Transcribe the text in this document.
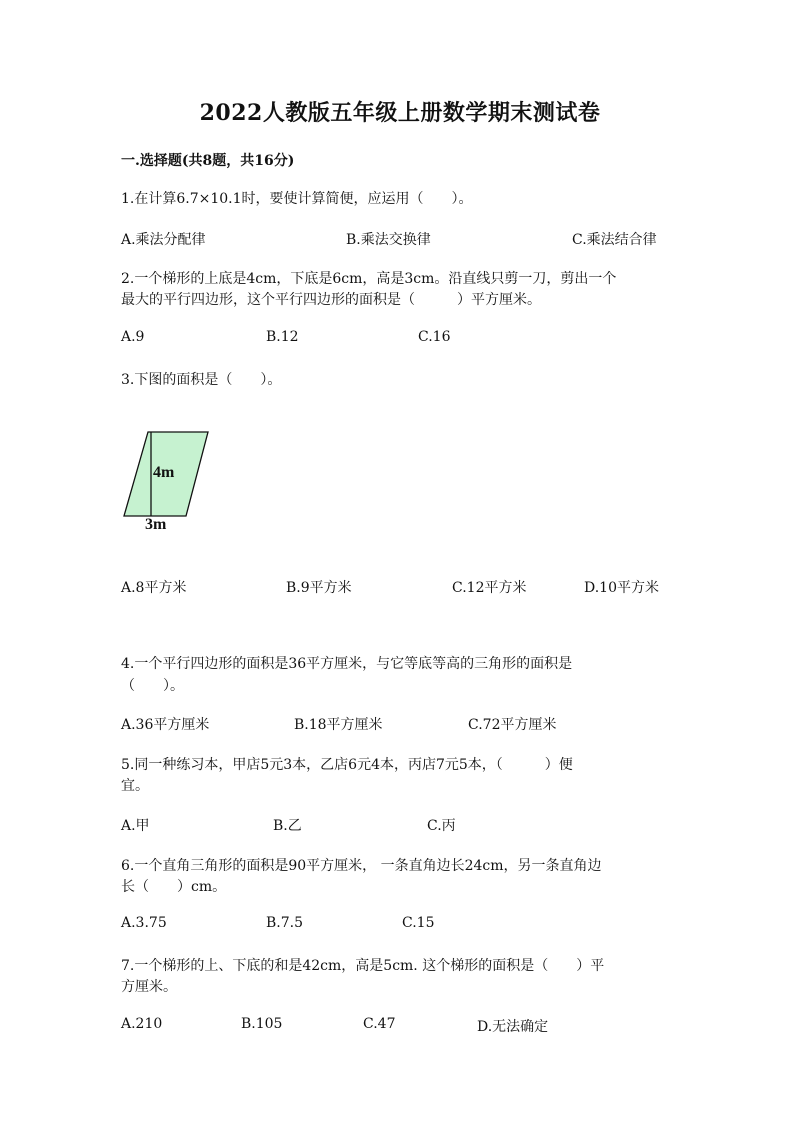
2022人教版五年级上册数学期末测试卷
一.选择题(共8题，共16分)
1.在计算6.7×10.1时，要使计算简便，应运用（　　）。
A.乘法分配律	B.乘法交换律	C.乘法结合律
2.一个梯形的上底是4cm，下底是6cm，高是3cm。沿直线只剪一刀，剪出一个
最大的平行四边形，这个平行四边形的面积是（　　　）平方厘米。
A.9	B.12	C.16
3.下图的面积是（　　）。
4m
3m
A.8平方米	B.9平方米	C.12平方米	D.10平方米
4.一个平行四边形的面积是36平方厘米，与它等底等高的三角形的面积是
（　　）。
A.36平方厘米	B.18平方厘米	C.72平方厘米
5.同一种练习本，甲店5元3本，乙店6元4本，丙店7元5本，（　　　）便
宜。
A.甲	B.乙	C.丙
6.一个直角三角形的面积是90平方厘米， 一条直角边长24cm，另一条直角边
长（　　）cm。
A.3.75	B.7.5	C.15
7.一个梯形的上、下底的和是42cm，高是5cm. 这个梯形的面积是（　　）平
方厘米。
A.210	B.105	C.47	D.无法确定
